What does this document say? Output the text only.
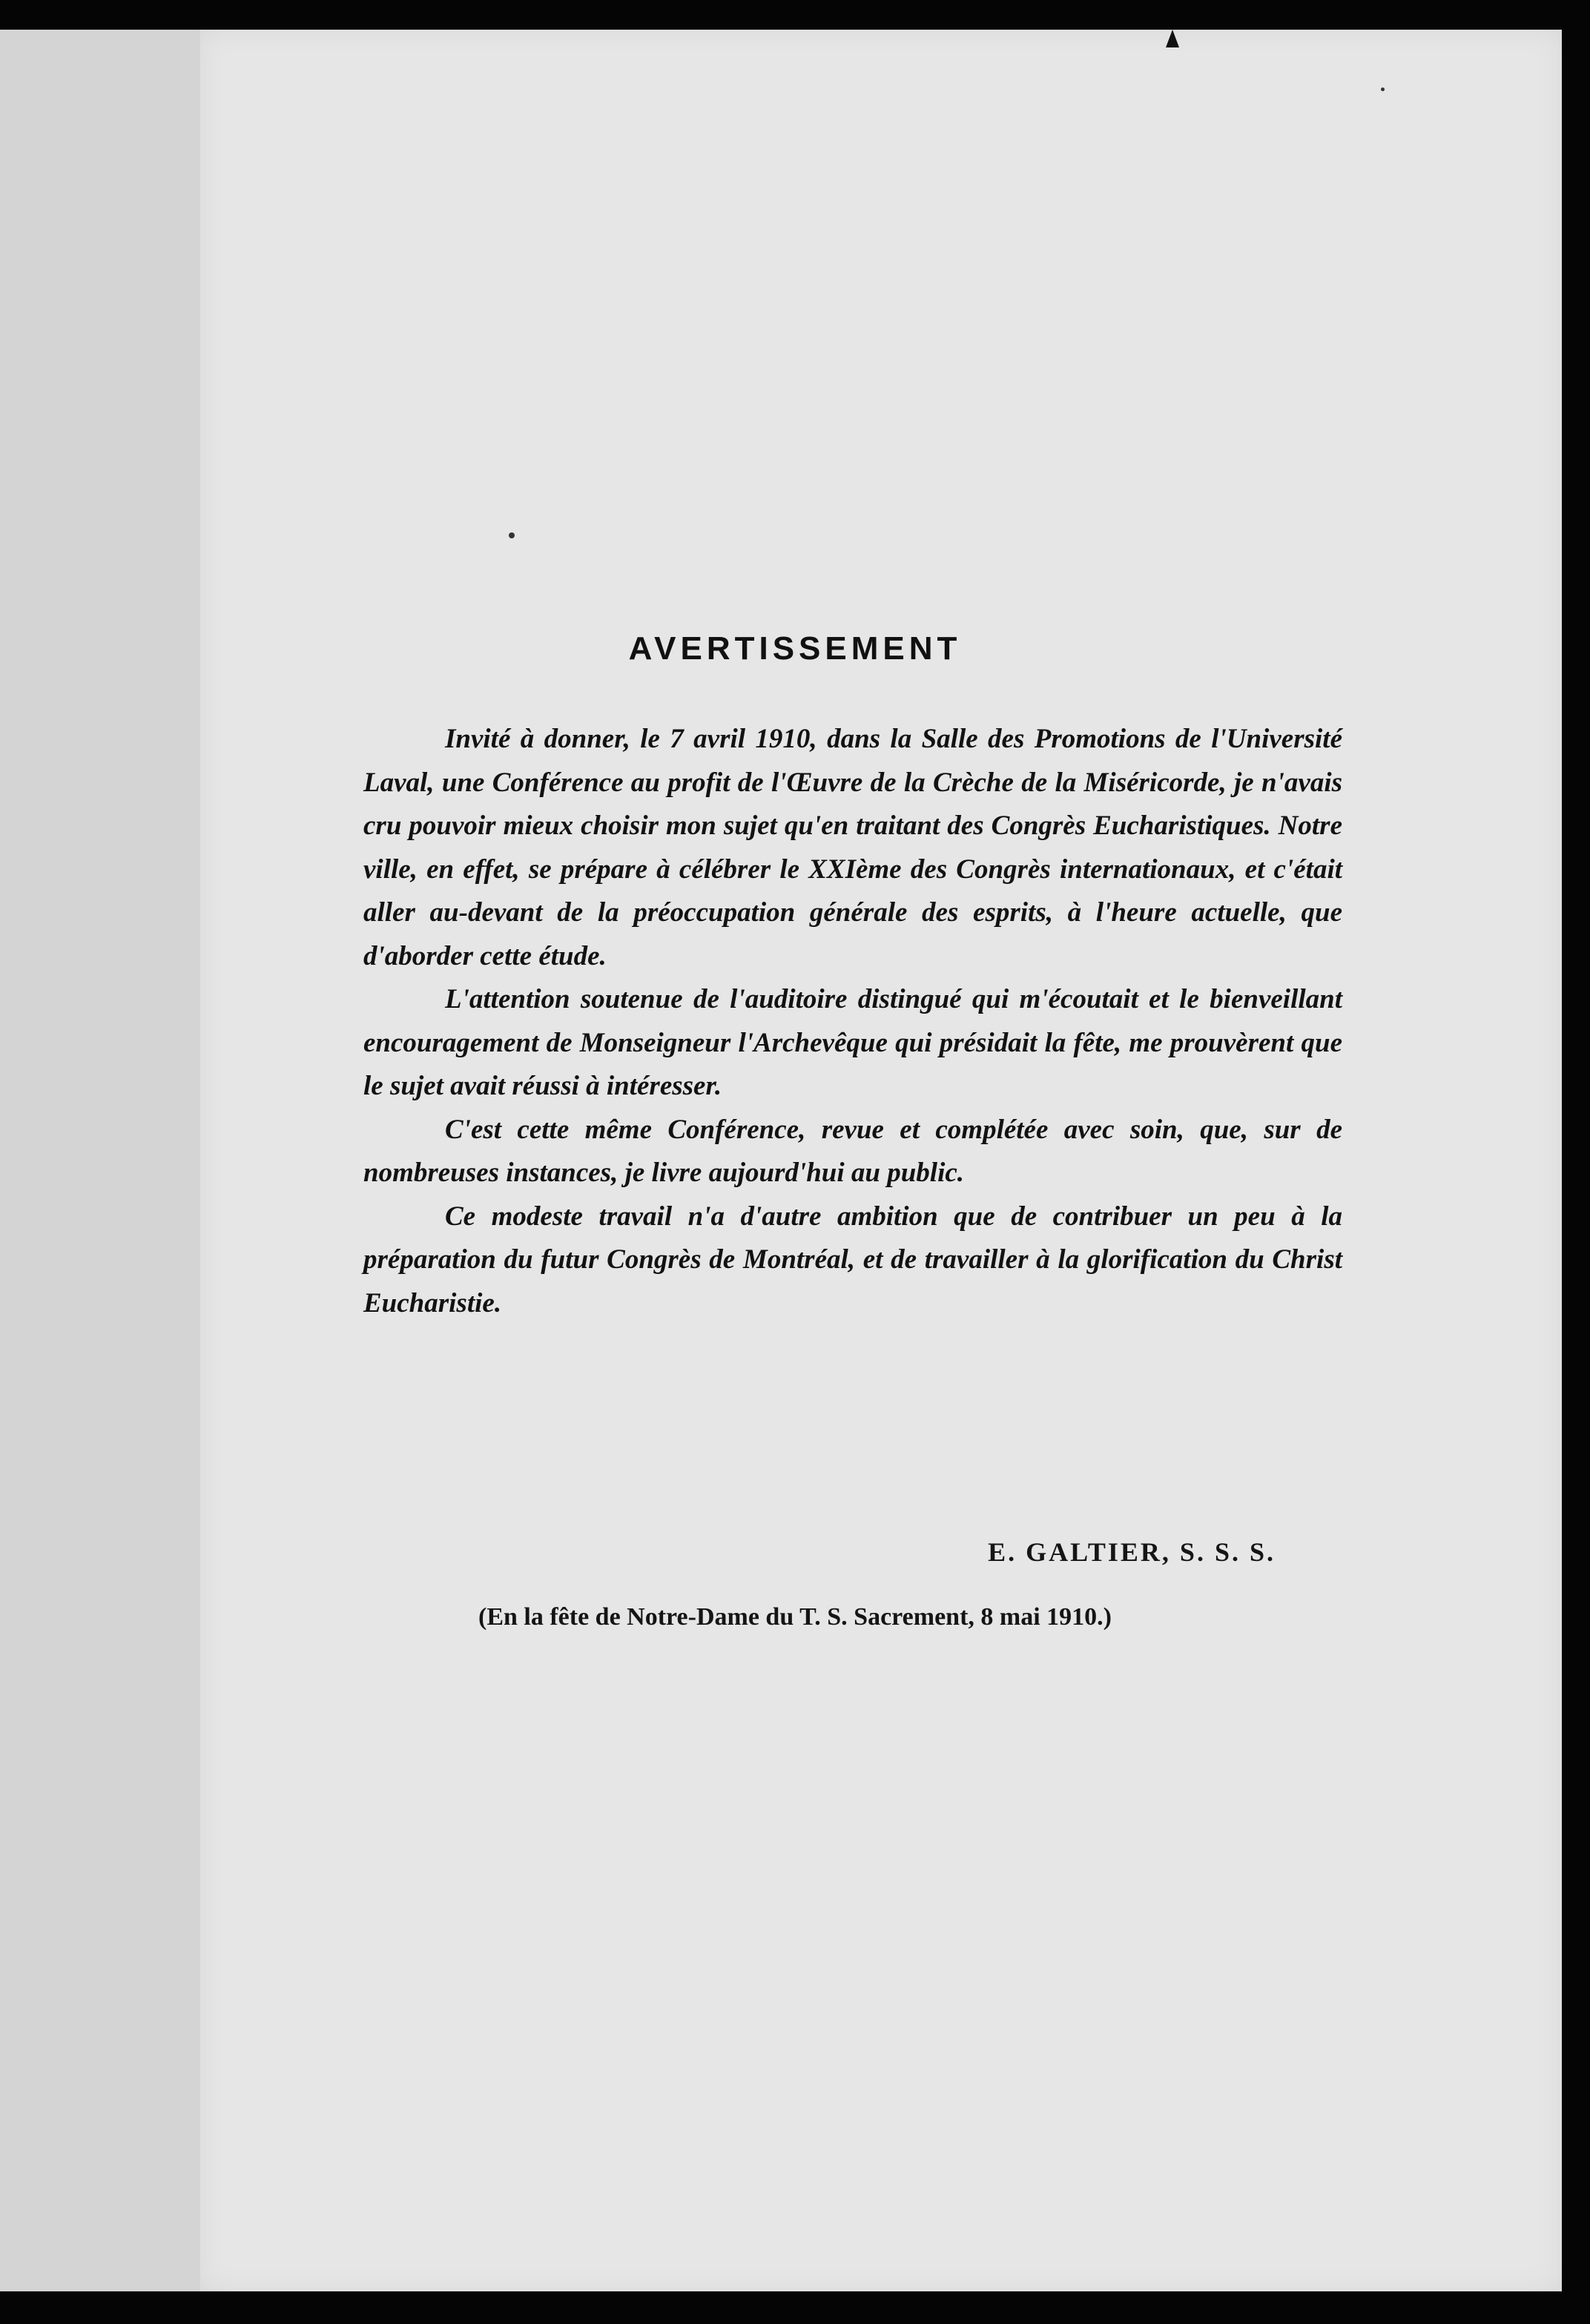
AVERTISSEMENT

Invité à donner, le 7 avril 1910, dans la Salle des Promotions de l'Université Laval, une Conférence au profit de l'Œuvre de la Crèche de la Miséricorde, je n'avais cru pouvoir mieux choisir mon sujet qu'en traitant des Congrès Eucharistiques. Notre ville, en effet, se prépare à célébrer le XXIème des Congrès internationaux, et c'était aller au-devant de la préoccupation générale des esprits, à l'heure actuelle, que d'aborder cette étude.

L'attention soutenue de l'auditoire distingué qui m'écoutait et le bienveillant encouragement de Monseigneur l'Archevêque qui présidait la fête, me prouvèrent que le sujet avait réussi à intéresser.

C'est cette même Conférence, revue et complétée avec soin, que, sur de nombreuses instances, je livre aujourd'hui au public.

Ce modeste travail n'a d'autre ambition que de contribuer un peu à la préparation du futur Congrès de Montréal, et de travailler à la glorification du Christ Eucharistie.

E. GALTIER, S. S. S.
(En la fête de Notre-Dame du T. S. Sacrement, 8 mai 1910.)
